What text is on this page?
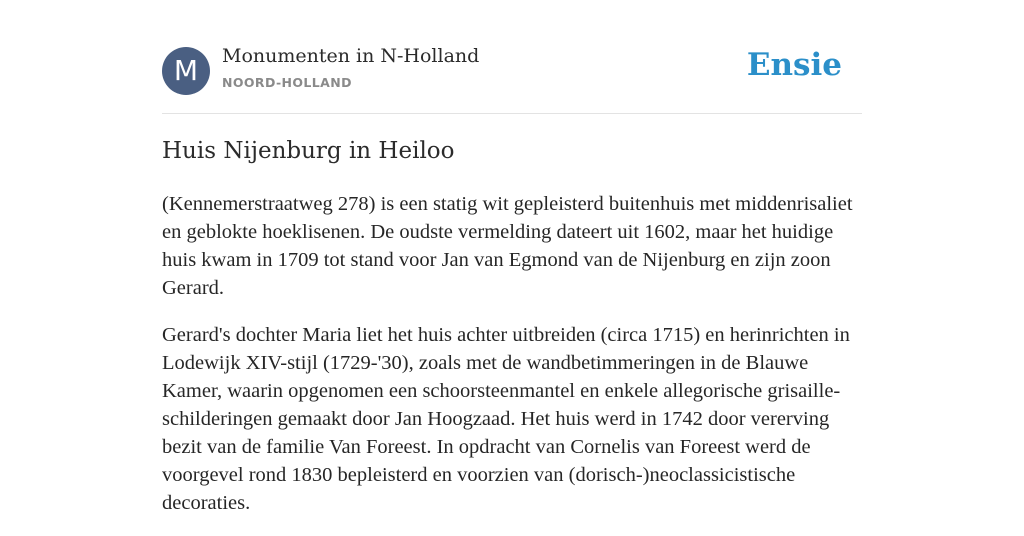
M	Monumenten in N-Holland
NOORD-HOLLAND	Ensie
Huis Nijenburg in Heiloo

(Kennemerstraatweg 278) is een statig wit gepleisterd buitenhuis met middenrisaliet en geblokte hoeklisenen. De oudste vermelding dateert uit 1602, maar het huidige huis kwam in 1709 tot stand voor Jan van Egmond van de Nijenburg en zijn zoon Gerard.

Gerard's dochter Maria liet het huis achter uitbreiden (circa 1715) en herinrichten in Lodewijk XIV-stijl (1729-'30), zoals met de wandbetimmeringen in de Blauwe Kamer, waarin opgenomen een schoorsteenmantel en enkele allegorische grisaille-schilderingen gemaakt door Jan Hoogzaad. Het huis werd in 1742 door vererving bezit van de familie Van Foreest. In opdracht van Cornelis van Foreest werd de voorgevel rond 1830 bepleisterd en voorzien van (dorisch-)neoclassicistische decoraties.
